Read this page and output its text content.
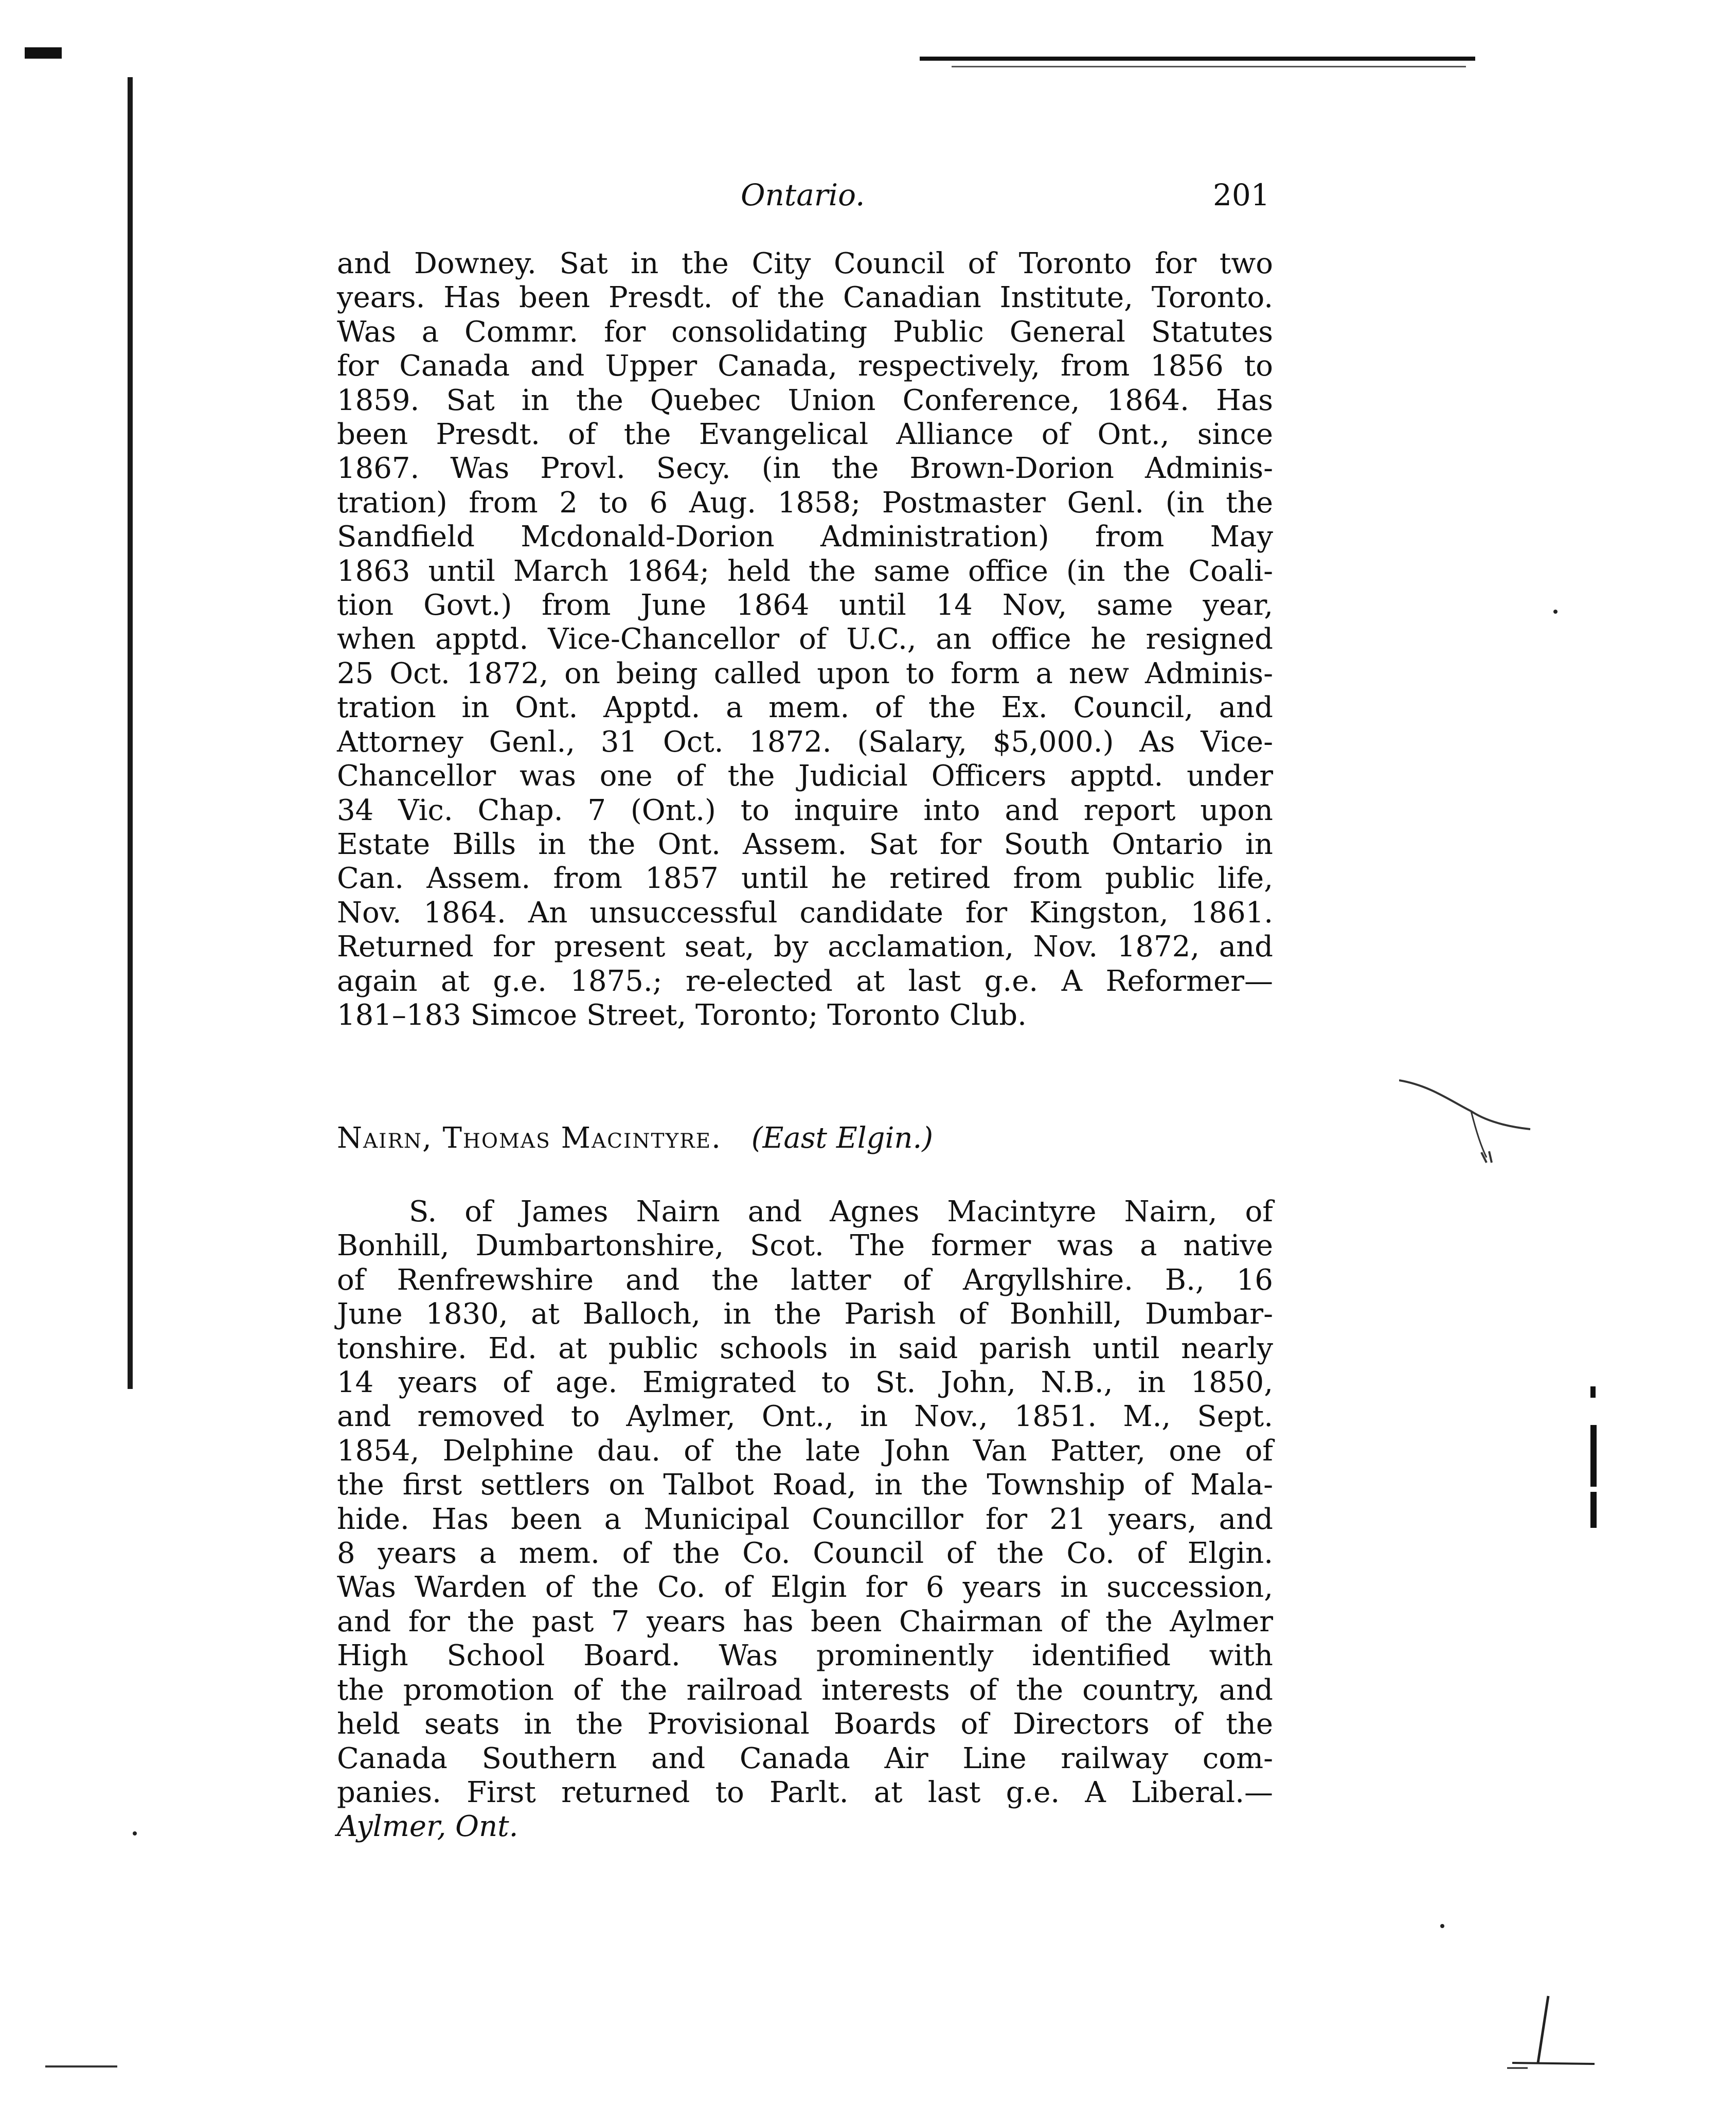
Ontario.	201
and Downey. Sat in the City Council of Toronto for two
years. Has been Presdt. of the Canadian Institute, Toronto.
Was a Commr. for consolidating Public General Statutes
for Canada and Upper Canada, respectively, from 1856 to
1859. Sat in the Quebec Union Conference, 1864. Has
been Presdt. of the Evangelical Alliance of Ont., since
1867. Was Provl. Secy. (in the Brown-Dorion Adminis-
tration) from 2 to 6 Aug. 1858; Postmaster Genl. (in the
Sandfield Mcdonald-Dorion Administration) from May
1863 until March 1864; held the same office (in the Coali-
tion Govt.) from June 1864 until 14 Nov, same year,
when apptd. Vice-Chancellor of U.C., an office he resigned
25 Oct. 1872, on being called upon to form a new Adminis-
tration in Ont. Apptd. a mem. of the Ex. Council, and
Attorney Genl., 31 Oct. 1872. (Salary, $5,000.) As Vice-
Chancellor was one of the Judicial Officers apptd. under
34 Vic. Chap. 7 (Ont.) to inquire into and report upon
Estate Bills in the Ont. Assem. Sat for South Ontario in
Can. Assem. from 1857 until he retired from public life,
Nov. 1864. An unsuccessful candidate for Kingston, 1861.
Returned for present seat, by acclamation, Nov. 1872, and
again at g.e. 1875.; re-elected at last g.e. A Reformer—
181–183 Simcoe Street, Toronto; Toronto Club.
Nairn, Thomas Macintyre. (East Elgin.)
S. of James Nairn and Agnes Macintyre Nairn, of
Bonhill, Dumbartonshire, Scot. The former was a native
of Renfrewshire and the latter of Argyllshire. B., 16
June 1830, at Balloch, in the Parish of Bonhill, Dumbar-
tonshire. Ed. at public schools in said parish until nearly
14 years of age. Emigrated to St. John, N.B., in 1850,
and removed to Aylmer, Ont., in Nov., 1851. M., Sept.
1854, Delphine dau. of the late John Van Patter, one of
the first settlers on Talbot Road, in the Township of Mala-
hide. Has been a Municipal Councillor for 21 years, and
8 years a mem. of the Co. Council of the Co. of Elgin.
Was Warden of the Co. of Elgin for 6 years in succession,
and for the past 7 years has been Chairman of the Aylmer
High School Board. Was prominently identified with
the promotion of the railroad interests of the country, and
held seats in the Provisional Boards of Directors of the
Canada Southern and Canada Air Line railway com-
panies. First returned to Parlt. at last g.e. A Liberal.—
Aylmer, Ont.
